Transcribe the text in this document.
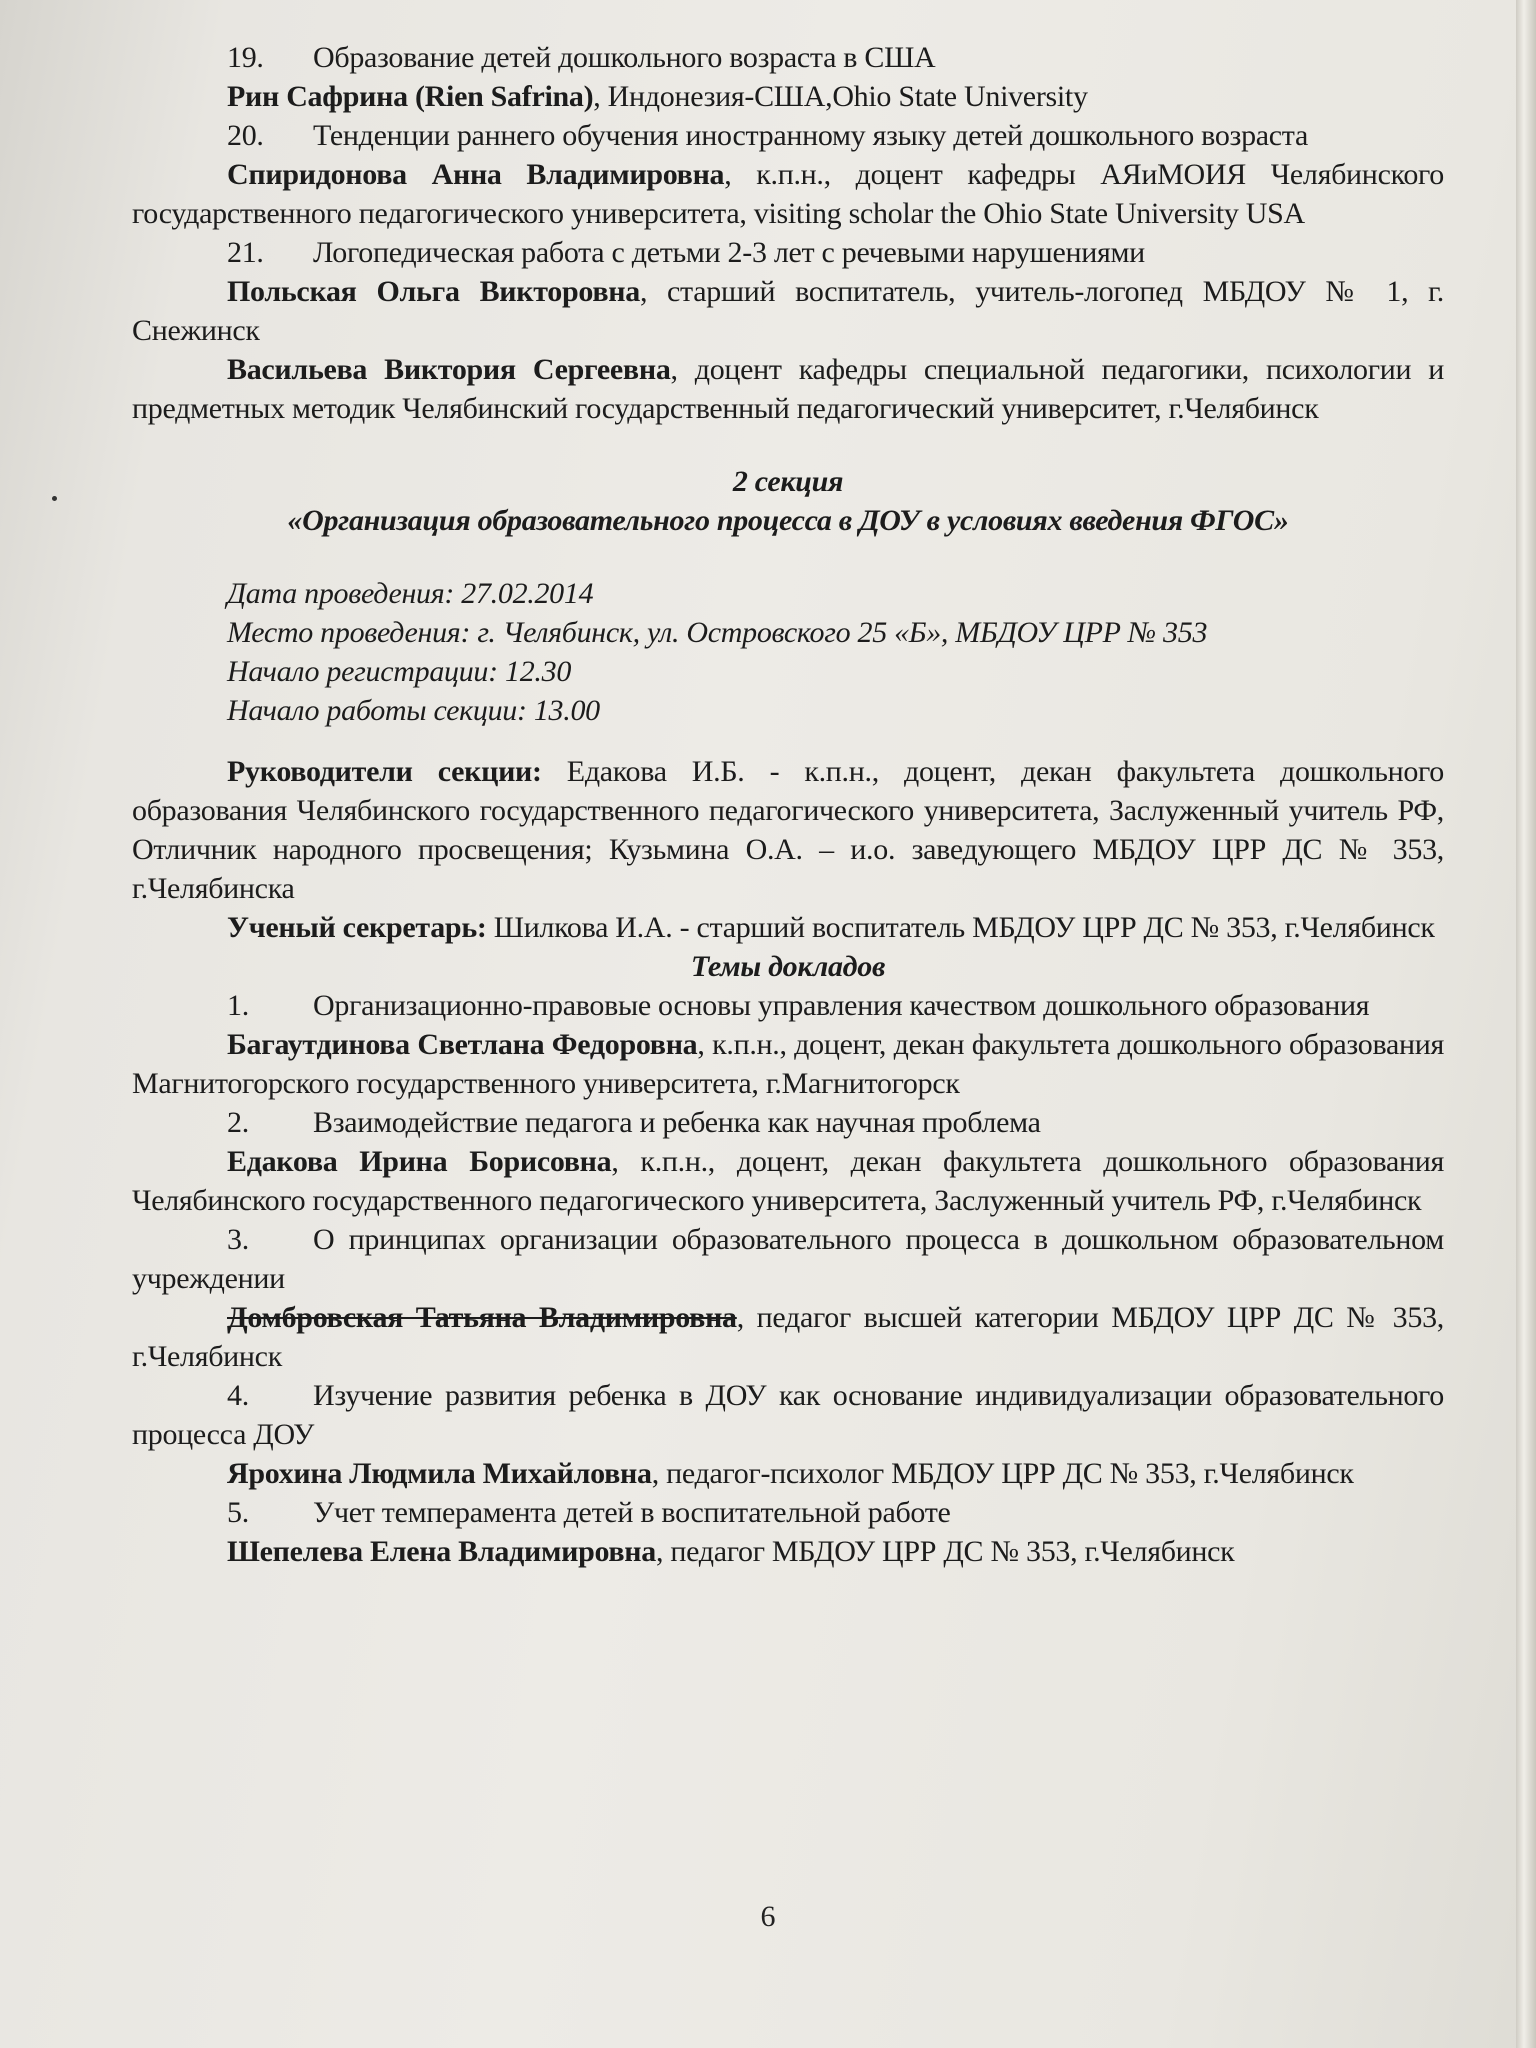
19. Образование детей дошкольного возраста в США

Рин Сафрина (Rien Safrina), Индонезия-США,Ohio State University

20. Тенденции раннего обучения иностранному языку детей дошкольного возраста

Спиридонова Анна Владимировна, к.п.н., доцент кафедры АЯиМОИЯ Челябинского государственного педагогического университета, visiting scholar the Ohio State University USA

21. Логопедическая работа с детьми 2-3 лет с речевыми нарушениями

Польская Ольга Викторовна, старший воспитатель, учитель-логопед МБДОУ № 1, г. Снежинск

Васильева Виктория Сергеевна, доцент кафедры специальной педагогики, психологии и предметных методик Челябинский государственный педагогический университет, г.Челябинск

2 секция

«Организация образовательного процесса в ДОУ в условиях введения ФГОС»

Дата проведения: 27.02.2014

Место проведения: г. Челябинск, ул. Островского 25 «Б», МБДОУ ЦРР № 353

Начало регистрации: 12.30

Начало работы секции: 13.00

Руководители секции: Едакова И.Б. - к.п.н., доцент, декан факультета дошкольного образования Челябинского государственного педагогического университета, Заслуженный учитель РФ, Отличник народного просвещения; Кузьмина О.А. – и.о. заведующего МБДОУ ЦРР ДС № 353, г.Челябинска

Ученый секретарь: Шилкова И.А. - старший воспитатель МБДОУ ЦРР ДС № 353, г.Челябинск

Темы докладов

1. Организационно-правовые основы управления качеством дошкольного образования

Багаутдинова Светлана Федоровна, к.п.н., доцент, декан факультета дошкольного образования Магнитогорского государственного университета, г.Магнитогорск

2. Взаимодействие педагога и ребенка как научная проблема

Едакова Ирина Борисовна, к.п.н., доцент, декан факультета дошкольного образования Челябинского государственного педагогического университета, Заслуженный учитель РФ, г.Челябинск

3. О принципах организации образовательного процесса в дошкольном образовательном учреждении

Домбровская Татьяна Владимировна, педагог высшей категории МБДОУ ЦРР ДС № 353, г.Челябинск

4. Изучение развития ребенка в ДОУ как основание индивидуализации образовательного процесса ДОУ

Ярохина Людмила Михайловна, педагог-психолог МБДОУ ЦРР ДС № 353, г.Челябинск

5. Учет темперамента детей в воспитательной работе

Шепелева Елена Владимировна, педагог МБДОУ ЦРР ДС № 353, г.Челябинск

6
